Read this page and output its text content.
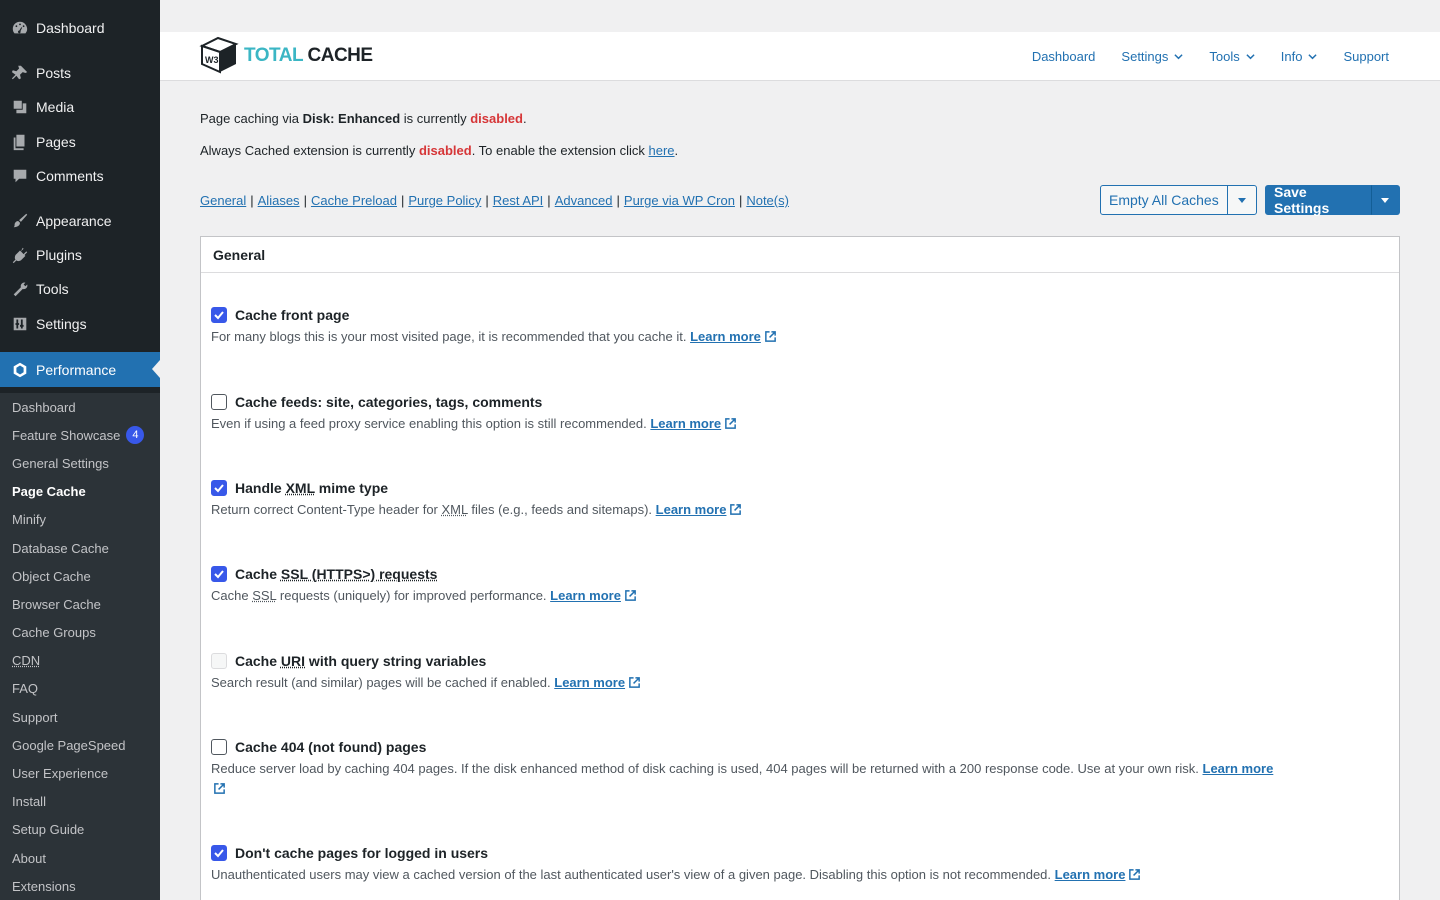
Dashboard
Posts
Media
Pages
Comments
Appearance
Plugins
Tools
Settings
Performance
Dashboard
Feature Showcase	4
General Settings
Page Cache
Minify
Database Cache
Object Cache
Browser Cache
Cache Groups
CDN
FAQ
Support
Google PageSpeed
User Experience
Install
Setup Guide
About
Extensions
W3 TOTAL CACHE	Dashboard Settings	Tools	Info	Support

Page caching via Disk: Enhanced is currently disabled.

Always Cached extension is currently disabled. To enable the extension click here.

General | Aliases | Cache Preload | Purge Policy | Rest API | Advanced | Purge via WP Cron | Note(s)	Empty All Caches	Save Settings
General
Cache front page
For many blogs this is your most visited page, it is recommended that you cache it. Learn more
Cache feeds: site, categories, tags, comments
Even if using a feed proxy service enabling this option is still recommended. Learn more
Handle XML mime type
Return correct Content-Type header for XML files (e.g., feeds and sitemaps). Learn more
Cache SSL (HTTPS>) requests
Cache SSL requests (uniquely) for improved performance. Learn more
Cache URI with query string variables
Search result (and similar) pages will be cached if enabled. Learn more
Cache 404 (not found) pages
Reduce server load by caching 404 pages. If the disk enhanced method of disk caching is used, 404 pages will be returned with a 200 response code. Use at your own risk. Learn more

Don't cache pages for logged in users
Unauthenticated users may view a cached version of the last authenticated user's view of a given page. Disabling this option is not recommended. Learn more
